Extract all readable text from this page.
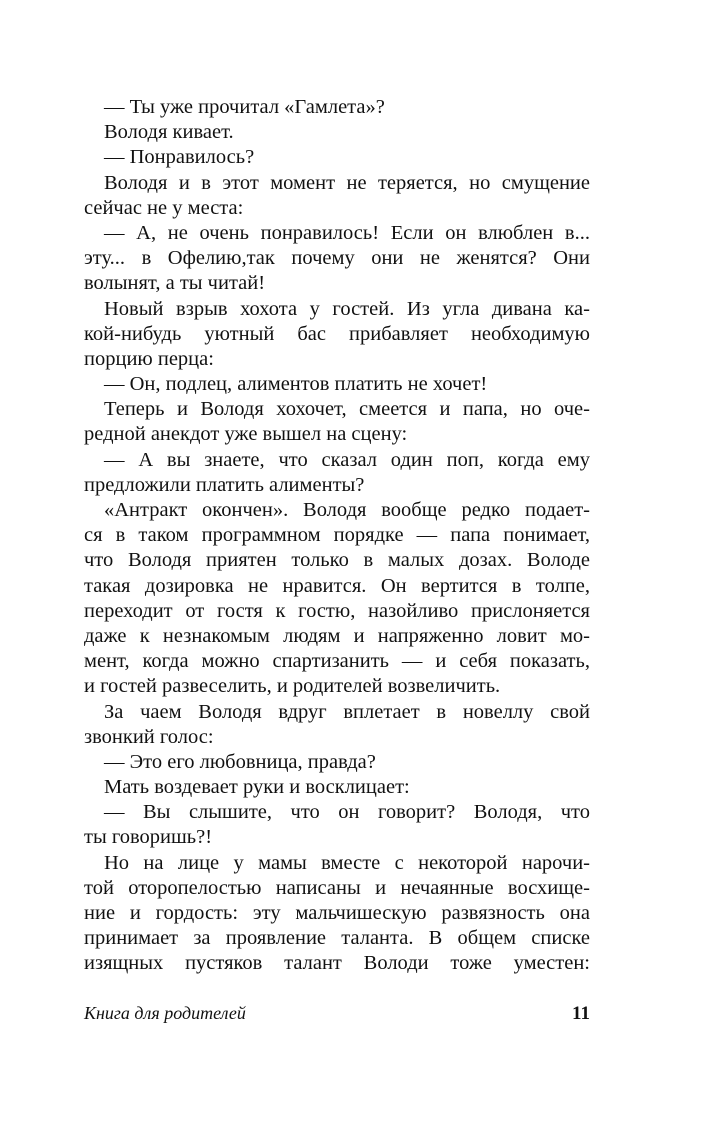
— Ты уже прочитал «Гамлета»?
Володя кивает.
— Понравилось?
Володя и в этот момент не теряется, но смущение
сейчас не у места:
— А, не очень понравилось! Если он влюблен в...
эту... в Офелию,так почему они не женятся? Они
волынят, а ты читай!
Новый взрыв хохота у гостей. Из угла дивана ка-
кой-нибудь уютный бас прибавляет необходимую
порцию перца:
— Он, подлец, алиментов платить не хочет!
Теперь и Володя хохочет, смеется и папа, но оче-
редной анекдот уже вышел на сцену:
— А вы знаете, что сказал один поп, когда ему
предложили платить алименты?
«Антракт окончен». Володя вообще редко подает-
ся в таком программном порядке — папа понимает,
что Володя приятен только в малых дозах. Володе
такая дозировка не нравится. Он вертится в толпе,
переходит от гостя к гостю, назойливо прислоняется
даже к незнакомым людям и напряженно ловит мо-
мент, когда можно спартизанить — и себя показать,
и гостей развеселить, и родителей возвеличить.
За чаем Володя вдруг вплетает в новеллу свой
звонкий голос:
— Это его любовница, правда?
Мать воздевает руки и восклицает:
— Вы слышите, что он говорит? Володя, что
ты говоришь?!
Но на лице у мамы вместе с некоторой нарочи-
той оторопелостью написаны и нечаянные восхище-
ние и гордость: эту мальчишескую развязность она
принимает за проявление таланта. В общем списке
изящных пустяков талант Володи тоже уместен:
Книга для родителей	11
